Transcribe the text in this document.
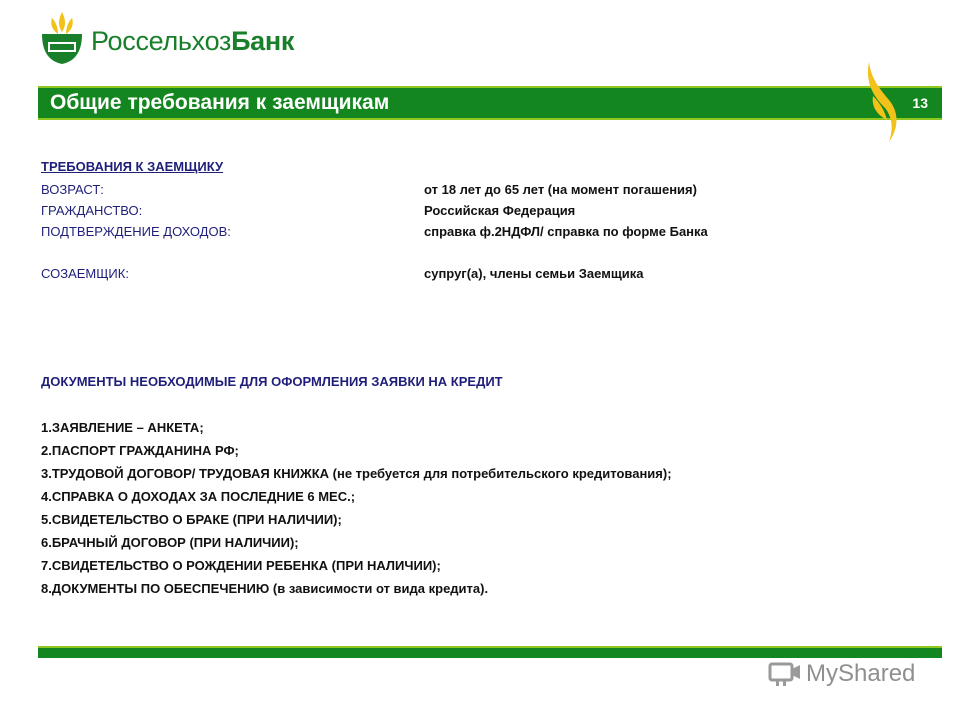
РоссельхозБанк
Общие требования к заемщикам	13
ТРЕБОВАНИЯ К ЗАЕМЩИКУ
ВОЗРАСТ:	от 18 лет до 65 лет (на момент погашения)
ГРАЖДАНСТВО:	Российская Федерация
ПОДТВЕРЖДЕНИЕ ДОХОДОВ:	справка ф.2НДФЛ/ справка по форме Банка
СОЗАЕМЩИК:	супруг(а), члены семьи Заемщика
ДОКУМЕНТЫ НЕОБХОДИМЫЕ ДЛЯ ОФОРМЛЕНИЯ ЗАЯВКИ НА КРЕДИТ
1.ЗАЯВЛЕНИЕ – АНКЕТА;
2.ПАСПОРТ ГРАЖДАНИНА РФ;
3.ТРУДОВОЙ ДОГОВОР/ ТРУДОВАЯ КНИЖКА (не требуется для потребительского кредитования);
4.СПРАВКА О ДОХОДАХ ЗА ПОСЛЕДНИЕ 6 МЕС.;
5.СВИДЕТЕЛЬСТВО О БРАКЕ (ПРИ НАЛИЧИИ);
6.БРАЧНЫЙ ДОГОВОР (ПРИ НАЛИЧИИ);
7.СВИДЕТЕЛЬСТВО О РОЖДЕНИИ РЕБЕНКА (ПРИ НАЛИЧИИ);
8.ДОКУМЕНТЫ ПО ОБЕСПЕЧЕНИЮ (в зависимости от вида кредита).
MyShared
